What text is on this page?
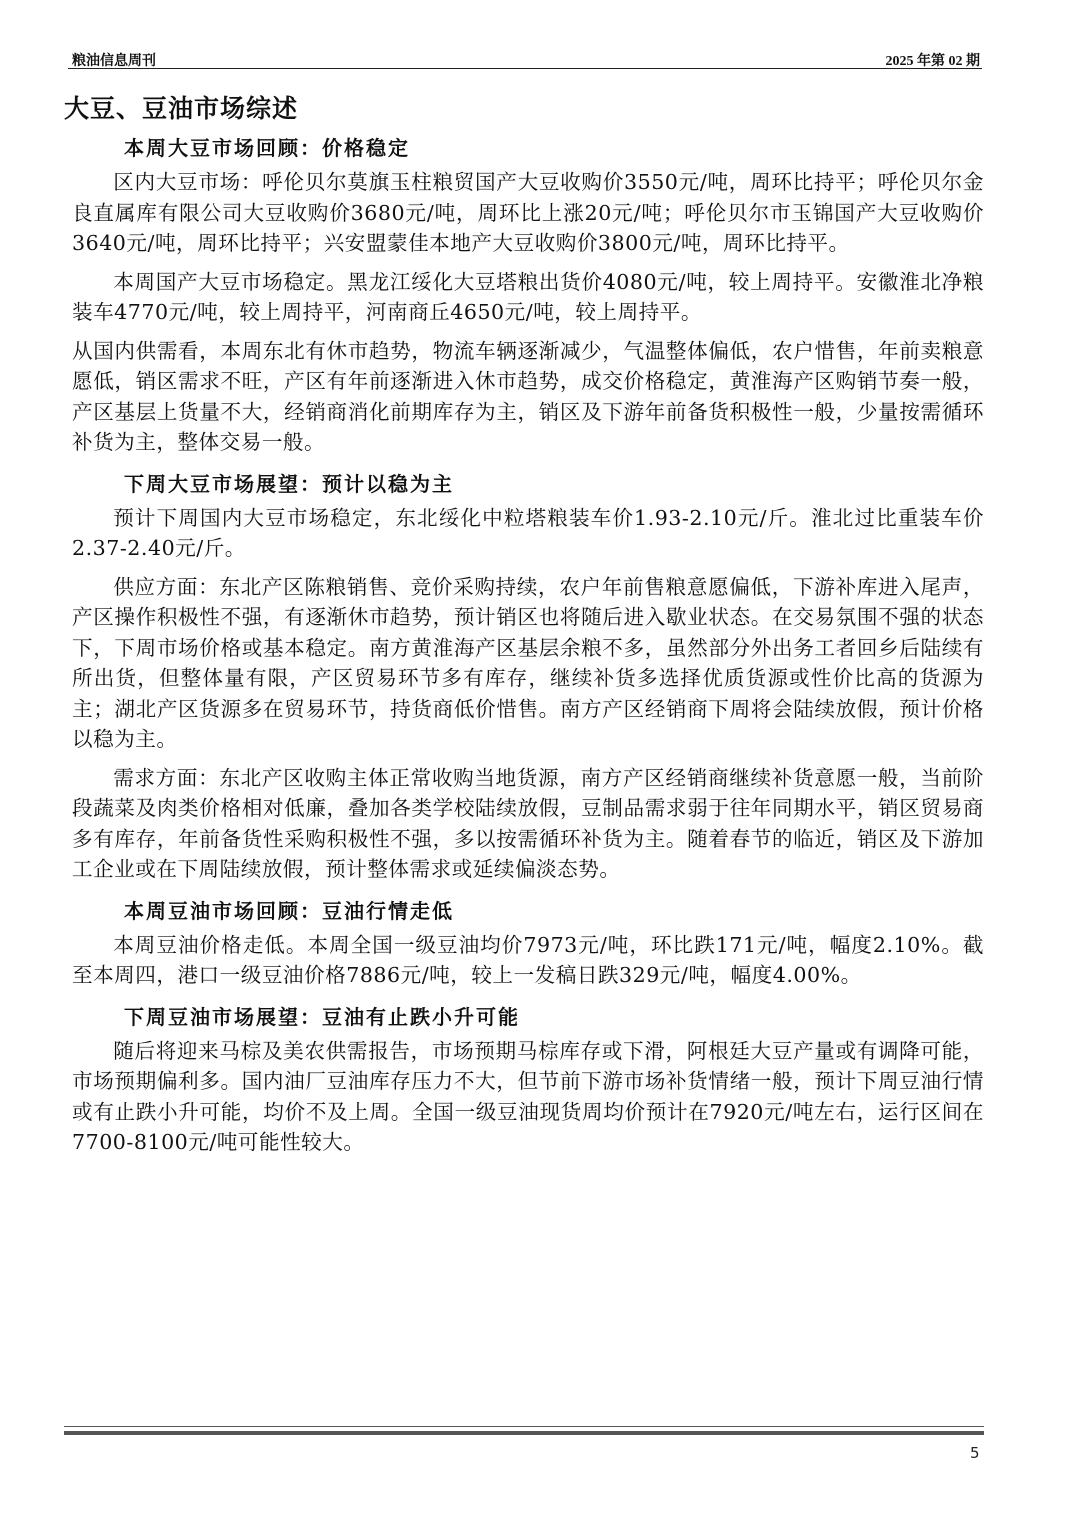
粮油信息周刊	2025 年第 02 期
大豆、豆油市场综述
本周大豆市场回顾：价格稳定

区内大豆市场：呼伦贝尔莫旗玉柱粮贸国产大豆收购价3550元/吨，周环比持平；呼伦贝尔金良直属库有限公司大豆收购价3680元/吨，周环比上涨20元/吨；呼伦贝尔市玉锦国产大豆收购价3640元/吨，周环比持平；兴安盟蒙佳本地产大豆收购价3800元/吨，周环比持平。

本周国产大豆市场稳定。黑龙江绥化大豆塔粮出货价4080元/吨，较上周持平。安徽淮北净粮装车4770元/吨，较上周持平，河南商丘4650元/吨，较上周持平。

从国内供需看，本周东北有休市趋势，物流车辆逐渐减少，气温整体偏低，农户惜售，年前卖粮意愿低，销区需求不旺，产区有年前逐渐进入休市趋势，成交价格稳定，黄淮海产区购销节奏一般，产区基层上货量不大，经销商消化前期库存为主，销区及下游年前备货积极性一般，少量按需循环补货为主，整体交易一般。

下周大豆市场展望：预计以稳为主

预计下周国内大豆市场稳定，东北绥化中粒塔粮装车价1.93-2.10元/斤。淮北过比重装车价2.37-2.40元/斤。

供应方面：东北产区陈粮销售、竞价采购持续，农户年前售粮意愿偏低，下游补库进入尾声，产区操作积极性不强，有逐渐休市趋势，预计销区也将随后进入歇业状态。在交易氛围不强的状态下，下周市场价格或基本稳定。南方黄淮海产区基层余粮不多，虽然部分外出务工者回乡后陆续有所出货，但整体量有限，产区贸易环节多有库存，继续补货多选择优质货源或性价比高的货源为主；湖北产区货源多在贸易环节，持货商低价惜售。南方产区经销商下周将会陆续放假，预计价格以稳为主。

需求方面：东北产区收购主体正常收购当地货源，南方产区经销商继续补货意愿一般，当前阶段蔬菜及肉类价格相对低廉，叠加各类学校陆续放假，豆制品需求弱于往年同期水平，销区贸易商多有库存，年前备货性采购积极性不强，多以按需循环补货为主。随着春节的临近，销区及下游加工企业或在下周陆续放假，预计整体需求或延续偏淡态势。

本周豆油市场回顾：豆油行情走低

本周豆油价格走低。本周全国一级豆油均价7973元/吨，环比跌171元/吨，幅度2.10%。截至本周四，港口一级豆油价格7886元/吨，较上一发稿日跌329元/吨，幅度4.00%。

下周豆油市场展望：豆油有止跌小升可能

随后将迎来马棕及美农供需报告，市场预期马棕库存或下滑，阿根廷大豆产量或有调降可能，市场预期偏利多。国内油厂豆油库存压力不大，但节前下游市场补货情绪一般，预计下周豆油行情或有止跌小升可能，均价不及上周。全国一级豆油现货周均价预计在7920元/吨左右，运行区间在7700-8100元/吨可能性较大。

5
